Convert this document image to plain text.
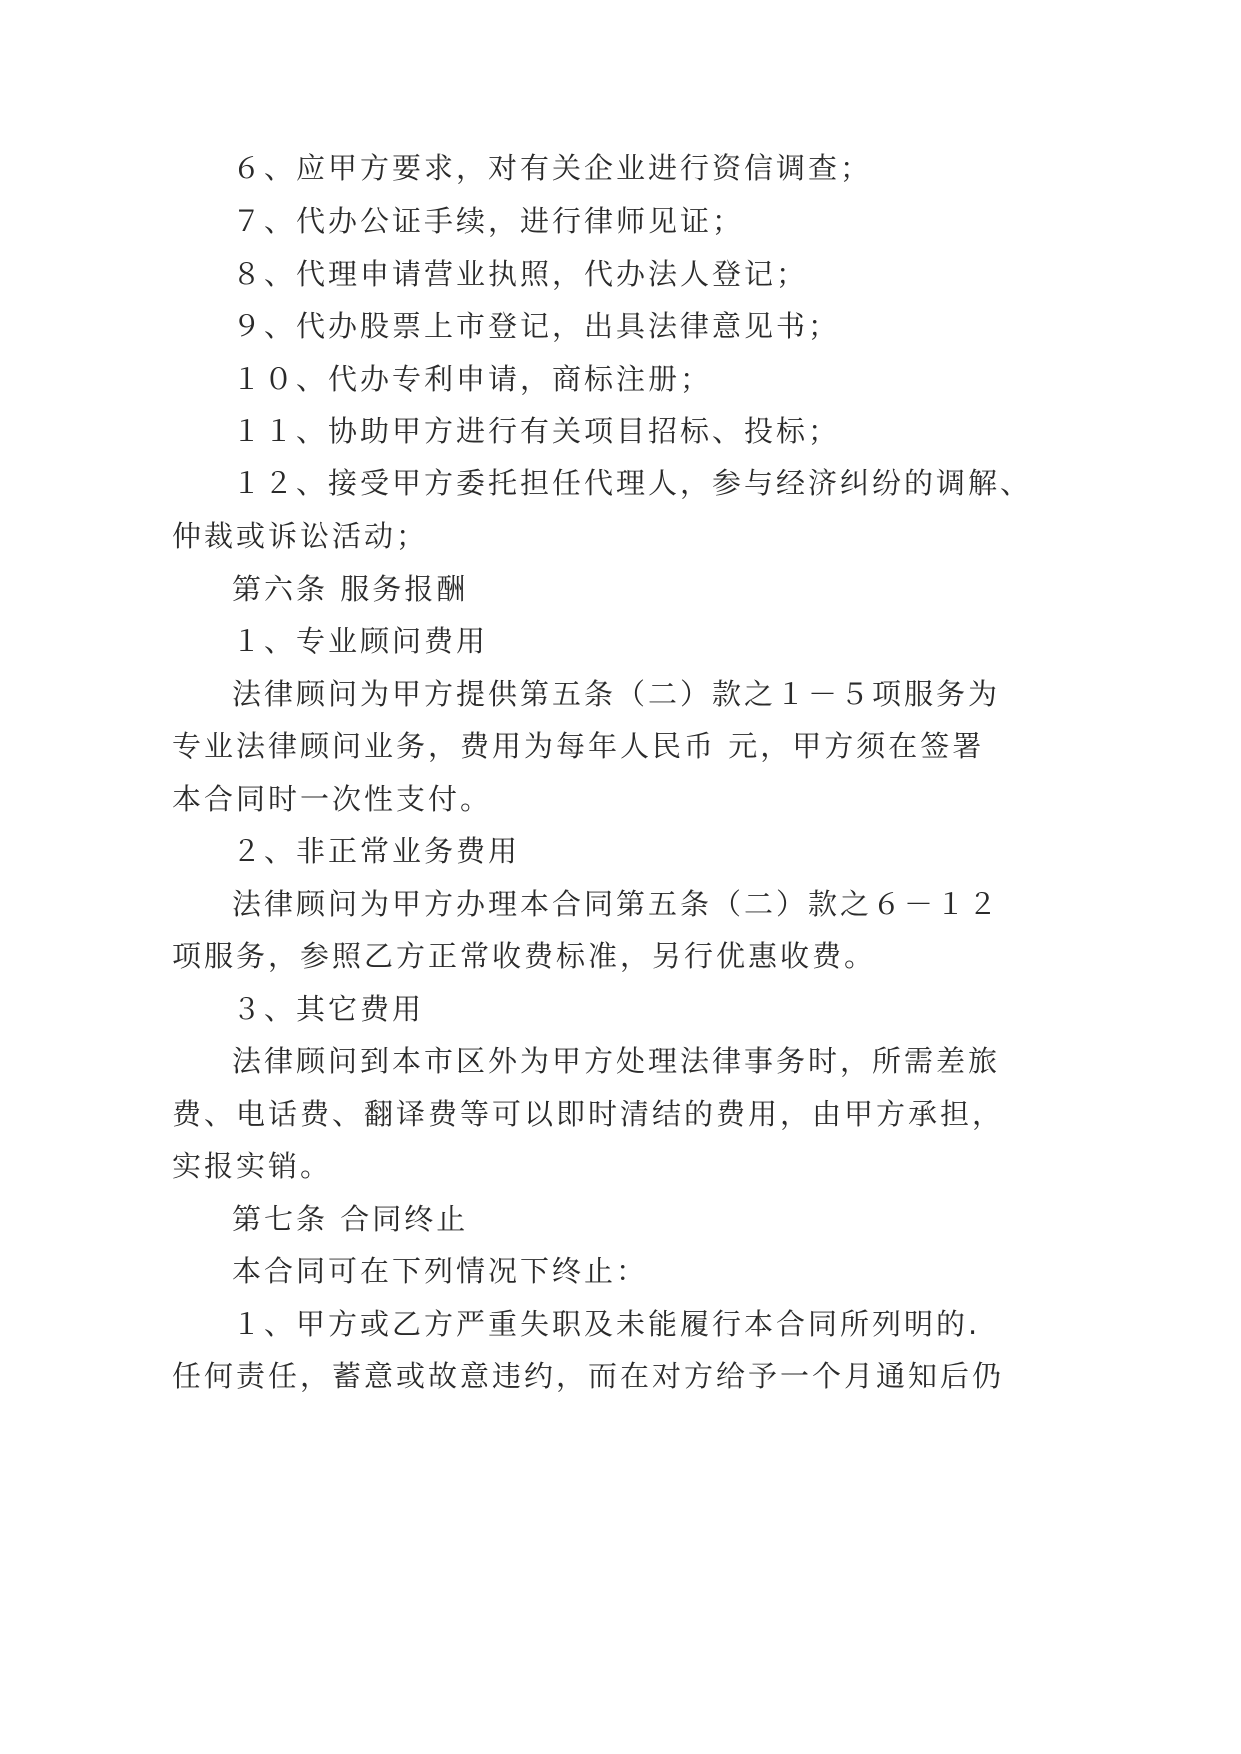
６、应甲方要求，对有关企业进行资信调查；
７、代办公证手续，进行律师见证；
８、代理申请营业执照，代办法人登记；
９、代办股票上市登记，出具法律意见书；
１０、代办专利申请，商标注册；
１１、协助甲方进行有关项目招标、投标；
１２、接受甲方委托担任代理人，参与经济纠纷的调解、
仲裁或诉讼活动；
第六条 服务报酬
１、专业顾问费用
法律顾问为甲方提供第五条（二）款之１－５项服务为
专业法律顾问业务，费用为每年人民币 元，甲方须在签署
本合同时一次性支付。
２、非正常业务费用
法律顾问为甲方办理本合同第五条（二）款之６－１２
项服务，参照乙方正常收费标准，另行优惠收费。
３、其它费用
法律顾问到本市区外为甲方处理法律事务时，所需差旅
费、电话费、翻译费等可以即时清结的费用，由甲方承担，
实报实销。
第七条 合同终止
本合同可在下列情况下终止：
１、甲方或乙方严重失职及未能履行本合同所列明的.
任何责任，蓄意或故意违约，而在对方给予一个月通知后仍
